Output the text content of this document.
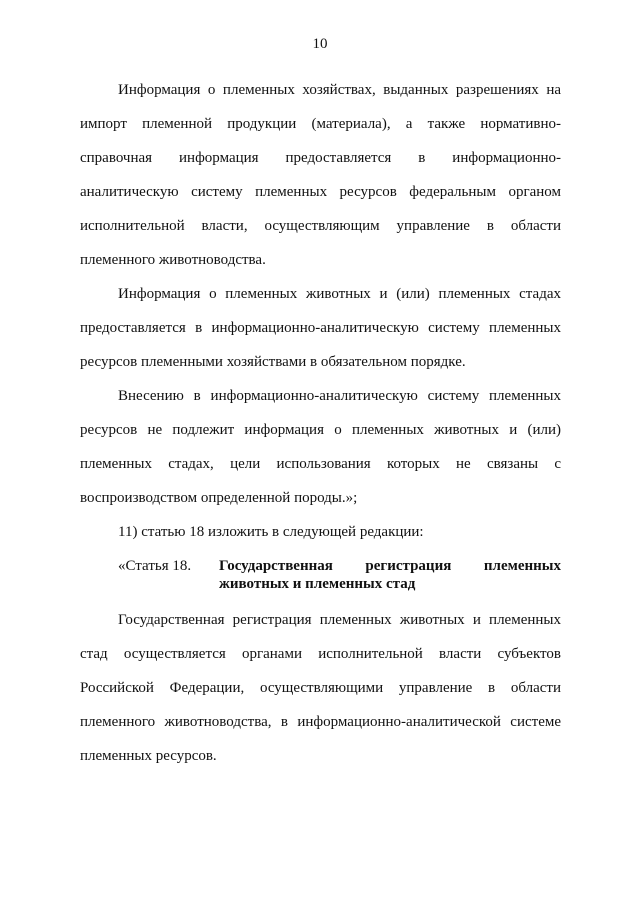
10

Информация о племенных хозяйствах, выданных разрешениях на импорт племенной продукции (материала), а также нормативно-справочная информация предоставляется в информационно-аналитическую систему племенных ресурсов федеральным органом исполнительной власти, осуществляющим управление в области племенного животноводства.

Информация о племенных животных и (или) племенных стадах предоставляется в информационно-аналитическую систему племенных ресурсов племенными хозяйствами в обязательном порядке.

Внесению в информационно-аналитическую систему племенных ресурсов не подлежит информация о племенных животных и (или) племенных стадах, цели использования которых не связаны с воспроизводством определенной породы.»;

11) статью 18 изложить в следующей редакции:

«Статья 18.	Государственная регистрация племенных животных и племенных стад

Государственная регистрация племенных животных и племенных стад осуществляется органами исполнительной власти субъектов Российской Федерации, осуществляющими управление в области племенного животноводства, в информационно-аналитической системе племенных ресурсов.
